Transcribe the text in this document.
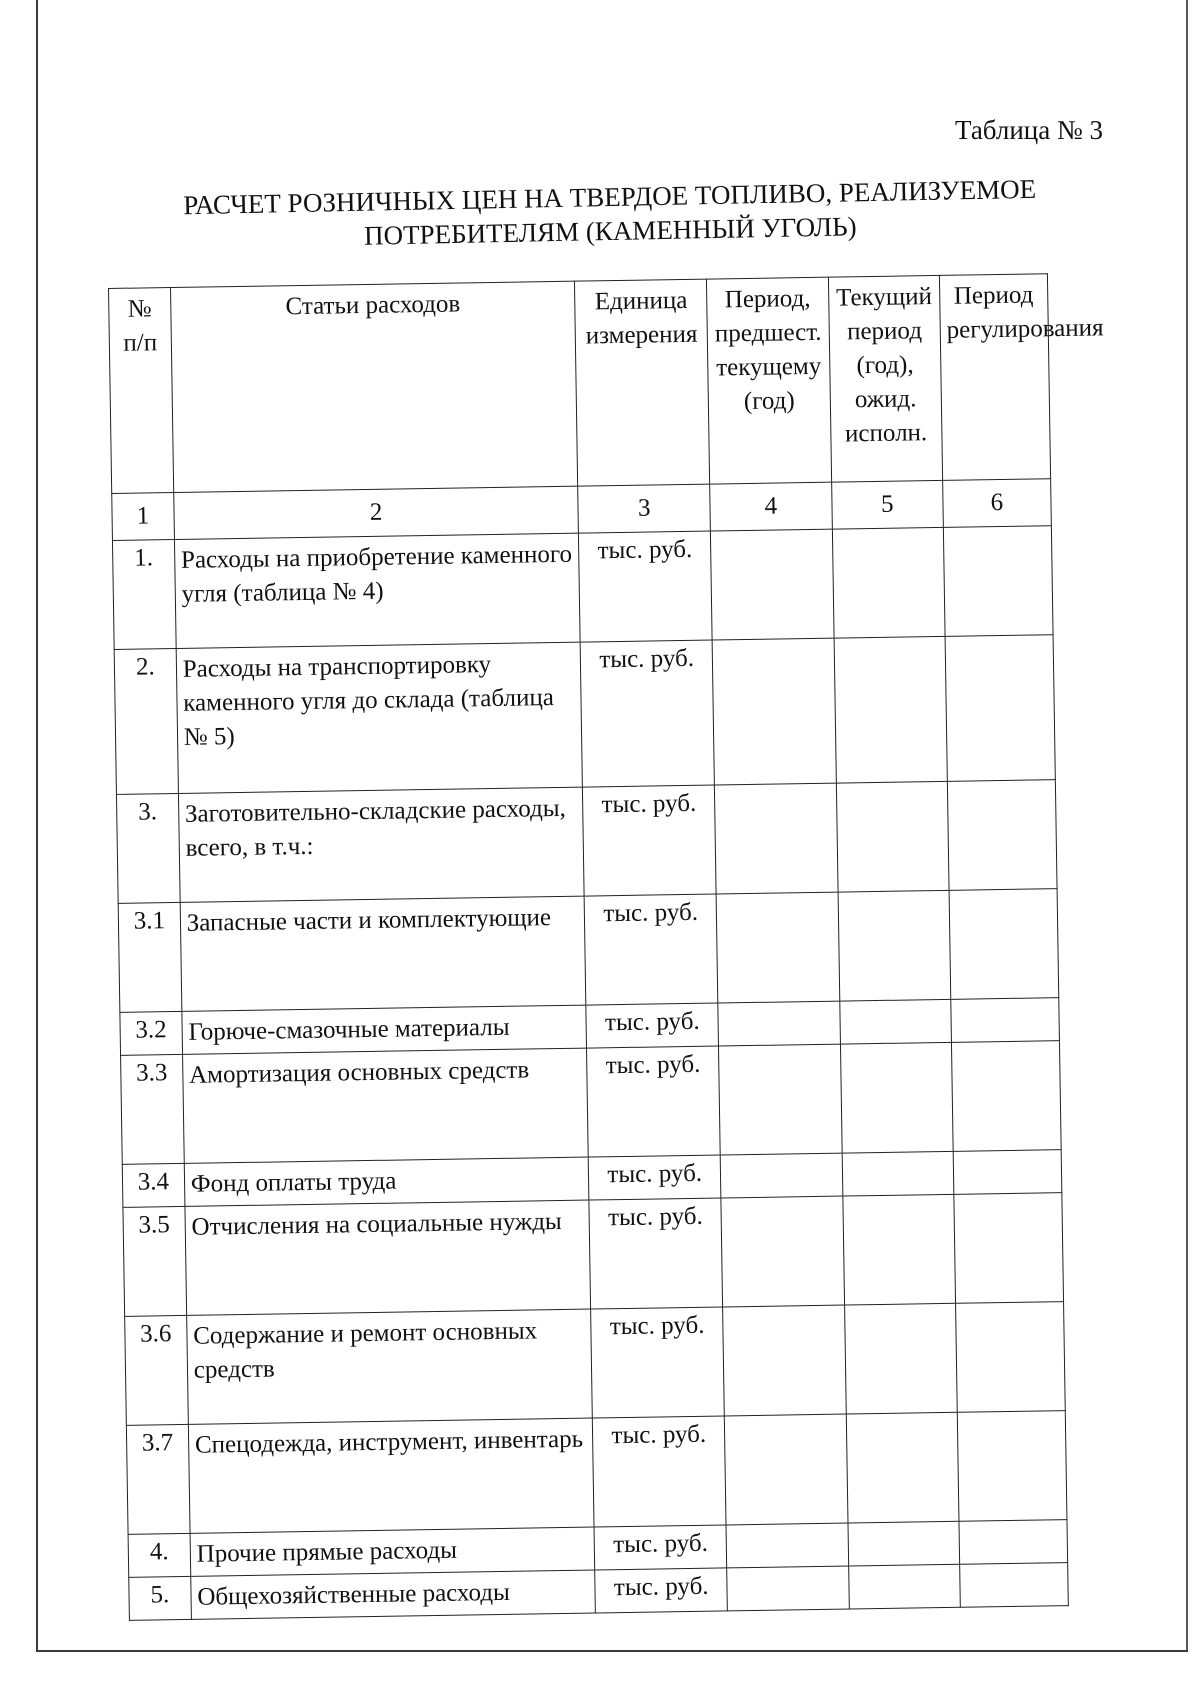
Таблица № 3
РАСЧЕТ РОЗНИЧНЫХ ЦЕН НА ТВЕРДОЕ ТОПЛИВО, РЕАЛИЗУЕМОЕ
ПОТРЕБИТЕЛЯМ (КАМЕННЫЙ УГОЛЬ)
№ п/п	Статьи расходов	Единица измерения	Период, предшест. текущему (год)	Текущий период (год), ожид. исполн.	Период регулирования
1	2	3	4	5	6
1.	Расходы на приобретение каменного угля (таблица № 4)	тыс. руб.			
2.	Расходы на транспортировку каменного угля до склада (таблица № 5)	тыс. руб.			
3.	Заготовительно-складские расходы, всего, в т.ч.:	тыс. руб.			
3.1	Запасные части и комплектующие	тыс. руб.			
3.2	Горюче-смазочные материалы	тыс. руб.			
3.3	Амортизация основных средств	тыс. руб.			
3.4	Фонд оплаты труда	тыс. руб.			
3.5	Отчисления на социальные нужды	тыс. руб.			
3.6	Содержание и ремонт основных средств	тыс. руб.			
3.7	Спецодежда, инструмент, инвентарь	тыс. руб.			
4.	Прочие прямые расходы	тыс. руб.			
5.	Общехозяйственные расходы	тыс. руб.			
